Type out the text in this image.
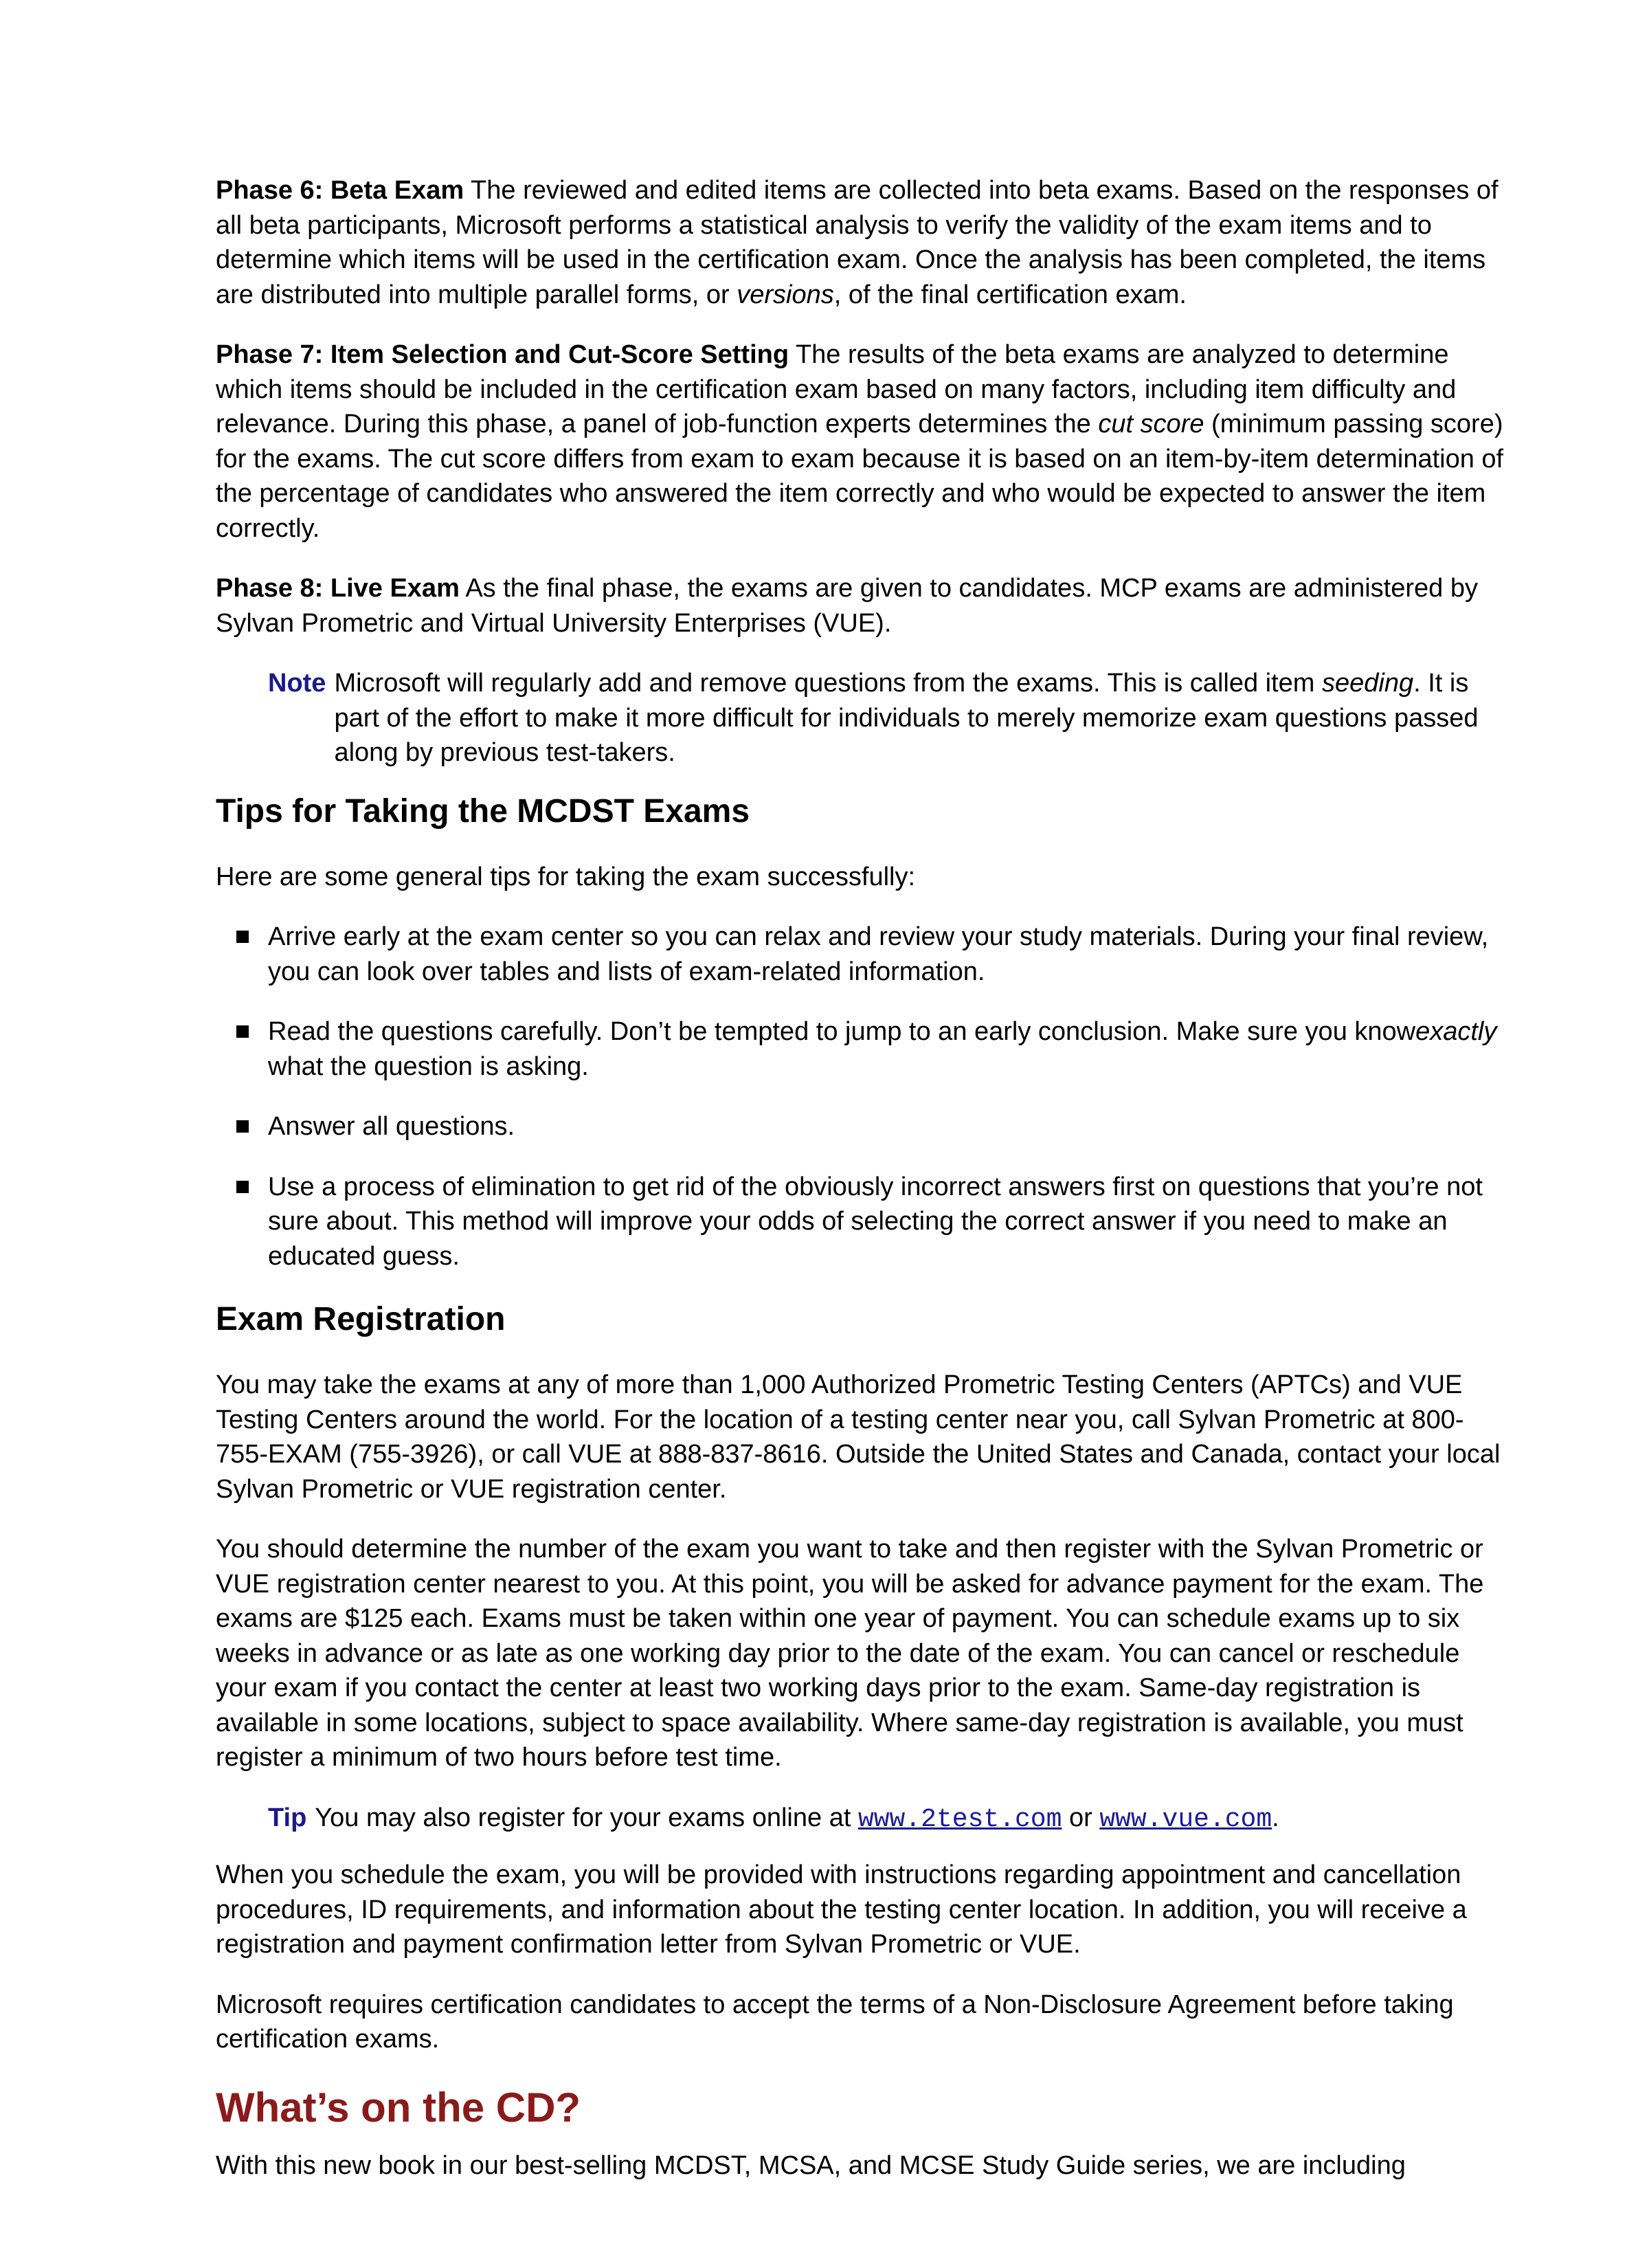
Phase 6: Beta Exam The reviewed and edited items are collected into beta exams. Based on the responses of all beta participants, Microsoft performs a statistical analysis to verify the validity of the exam items and to determine which items will be used in the certification exam. Once the analysis has been completed, the items are distributed into multiple parallel forms, or versions, of the final certification exam.

Phase 7: Item Selection and Cut-Score Setting The results of the beta exams are analyzed to determine which items should be included in the certification exam based on many factors, including item difficulty and relevance. During this phase, a panel of job-function experts determines the cut score (minimum passing score) for the exams. The cut score differs from exam to exam because it is based on an item-by-item determination of the percentage of candidates who answered the item correctly and who would be expected to answer the item correctly.

Phase 8: Live Exam As the final phase, the exams are given to candidates. MCP exams are administered by Sylvan Prometric and Virtual University Enterprises (VUE).

Note Microsoft will regularly add and remove questions from the exams. This is called item seeding. It is part of the effort to make it more difficult for individuals to merely memorize exam questions passed along by previous test-takers.

Tips for Taking the MCDST Exams

Here are some general tips for taking the exam successfully:

Arrive early at the exam center so you can relax and review your study materials. During your final review, you can look over tables and lists of exam-related information.

Read the questions carefully. Don’t be tempted to jump to an early conclusion. Make sure you knowexactly what the question is asking.

Answer all questions.

Use a process of elimination to get rid of the obviously incorrect answers first on questions that you’re not sure about. This method will improve your odds of selecting the correct answer if you need to make an educated guess.

Exam Registration

You may take the exams at any of more than 1,000 Authorized Prometric Testing Centers (APTCs) and VUE Testing Centers around the world. For the location of a testing center near you, call Sylvan Prometric at 800-755-EXAM (755-3926), or call VUE at 888-837-8616. Outside the United States and Canada, contact your local Sylvan Prometric or VUE registration center.

You should determine the number of the exam you want to take and then register with the Sylvan Prometric or VUE registration center nearest to you. At this point, you will be asked for advance payment for the exam. The exams are $125 each. Exams must be taken within one year of payment. You can schedule exams up to six weeks in advance or as late as one working day prior to the date of the exam. You can cancel or reschedule your exam if you contact the center at least two working days prior to the exam. Same-day registration is available in some locations, subject to space availability. Where same-day registration is available, you must register a minimum of two hours before test time.

Tip You may also register for your exams online at www.2test.com or www.vue.com.

When you schedule the exam, you will be provided with instructions regarding appointment and cancellation procedures, ID requirements, and information about the testing center location. In addition, you will receive a registration and payment confirmation letter from Sylvan Prometric or VUE.

Microsoft requires certification candidates to accept the terms of a Non-Disclosure Agreement before taking certification exams.

What’s on the CD?

With this new book in our best-selling MCDST, MCSA, and MCSE Study Guide series, we are including
